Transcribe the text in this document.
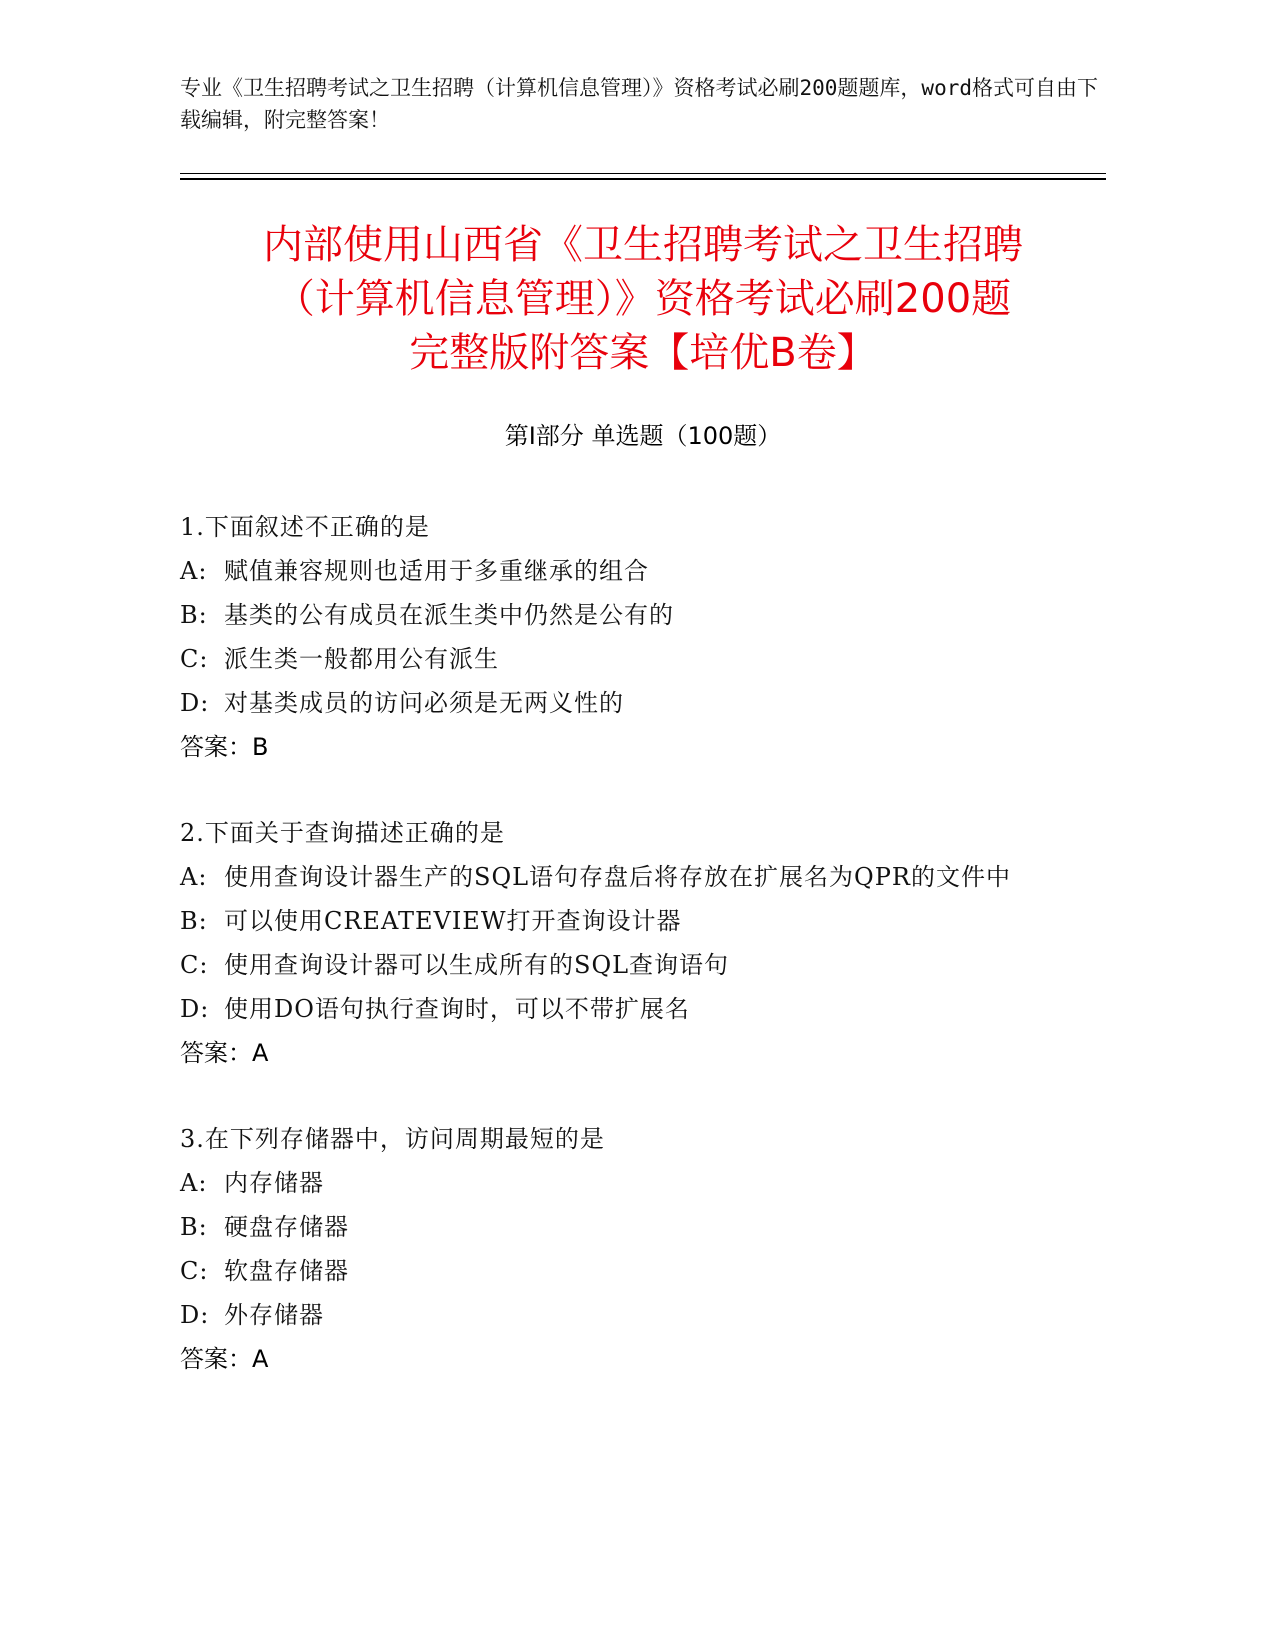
专业《卫生招聘考试之卫生招聘（计算机信息管理）》资格考试必刷200题题库，word格式可自由下载编辑，附完整答案！
内部使用山西省《卫生招聘考试之卫生招聘
（计算机信息管理）》资格考试必刷200题
完整版附答案【培优B卷】
第Ⅰ部分 单选题（100题）
1.下面叙述不正确的是
A: 赋值兼容规则也适用于多重继承的组合
B: 基类的公有成员在派生类中仍然是公有的
C: 派生类一般都用公有派生
D: 对基类成员的访问必须是无两义性的
答案：B
2.下面关于查询描述正确的是
A: 使用查询设计器生产的SQL语句存盘后将存放在扩展名为QPR的文件中
B: 可以使用CREATEVIEW打开查询设计器
C: 使用查询设计器可以生成所有的SQL查询语句
D: 使用DO语句执行查询时，可以不带扩展名
答案：A
3.在下列存储器中，访问周期最短的是
A: 内存储器
B: 硬盘存储器
C: 软盘存储器
D: 外存储器
答案：A
